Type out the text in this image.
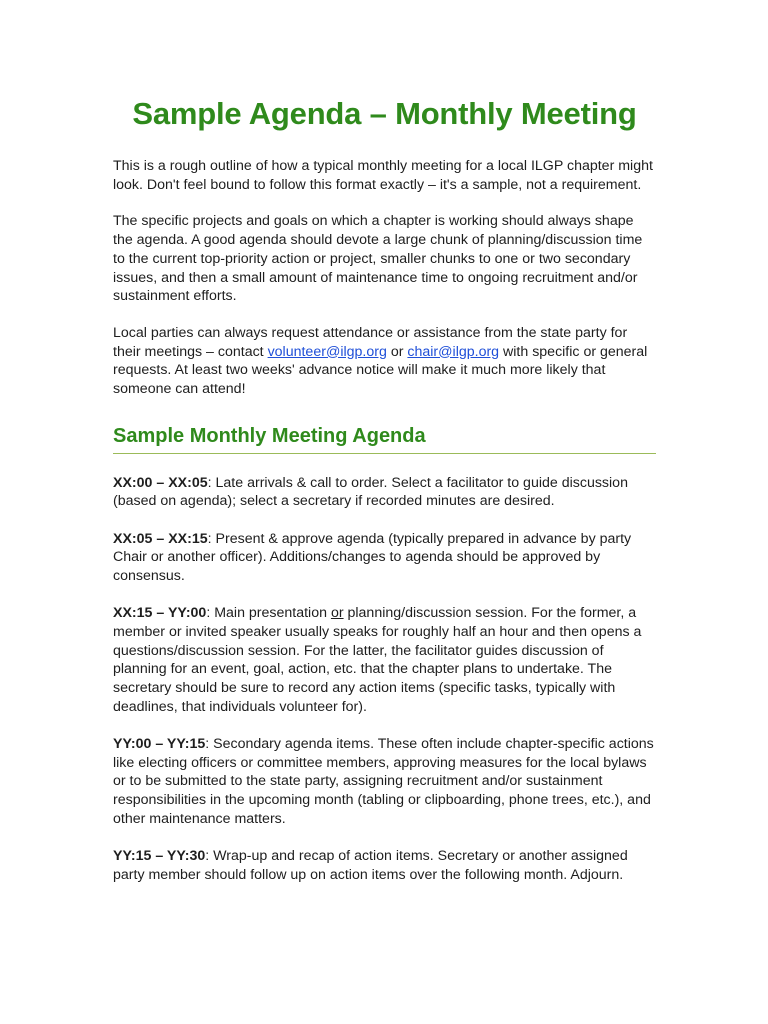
Sample Agenda – Monthly Meeting

This is a rough outline of how a typical monthly meeting for a local ILGP chapter might look. Don't feel bound to follow this format exactly – it's a sample, not a requirement.

The specific projects and goals on which a chapter is working should always shape the agenda. A good agenda should devote a large chunk of planning/discussion time to the current top-priority action or project, smaller chunks to one or two secondary issues, and then a small amount of maintenance time to ongoing recruitment and/or sustainment efforts.

Local parties can always request attendance or assistance from the state party for their meetings – contact volunteer@ilgp.org or chair@ilgp.org with specific or general requests. At least two weeks' advance notice will make it much more likely that someone can attend!

Sample Monthly Meeting Agenda

XX:00 – XX:05: Late arrivals & call to order. Select a facilitator to guide discussion (based on agenda); select a secretary if recorded minutes are desired.

XX:05 – XX:15: Present & approve agenda (typically prepared in advance by party Chair or another officer). Additions/changes to agenda should be approved by consensus.

XX:15 – YY:00: Main presentation or planning/discussion session. For the former, a member or invited speaker usually speaks for roughly half an hour and then opens a questions/discussion session. For the latter, the facilitator guides discussion of planning for an event, goal, action, etc. that the chapter plans to undertake. The secretary should be sure to record any action items (specific tasks, typically with deadlines, that individuals volunteer for).

YY:00 – YY:15: Secondary agenda items. These often include chapter-specific actions like electing officers or committee members, approving measures for the local bylaws or to be submitted to the state party, assigning recruitment and/or sustainment responsibilities in the upcoming month (tabling or clipboarding, phone trees, etc.), and other maintenance matters.

YY:15 – YY:30: Wrap-up and recap of action items. Secretary or another assigned party member should follow up on action items over the following month. Adjourn.
